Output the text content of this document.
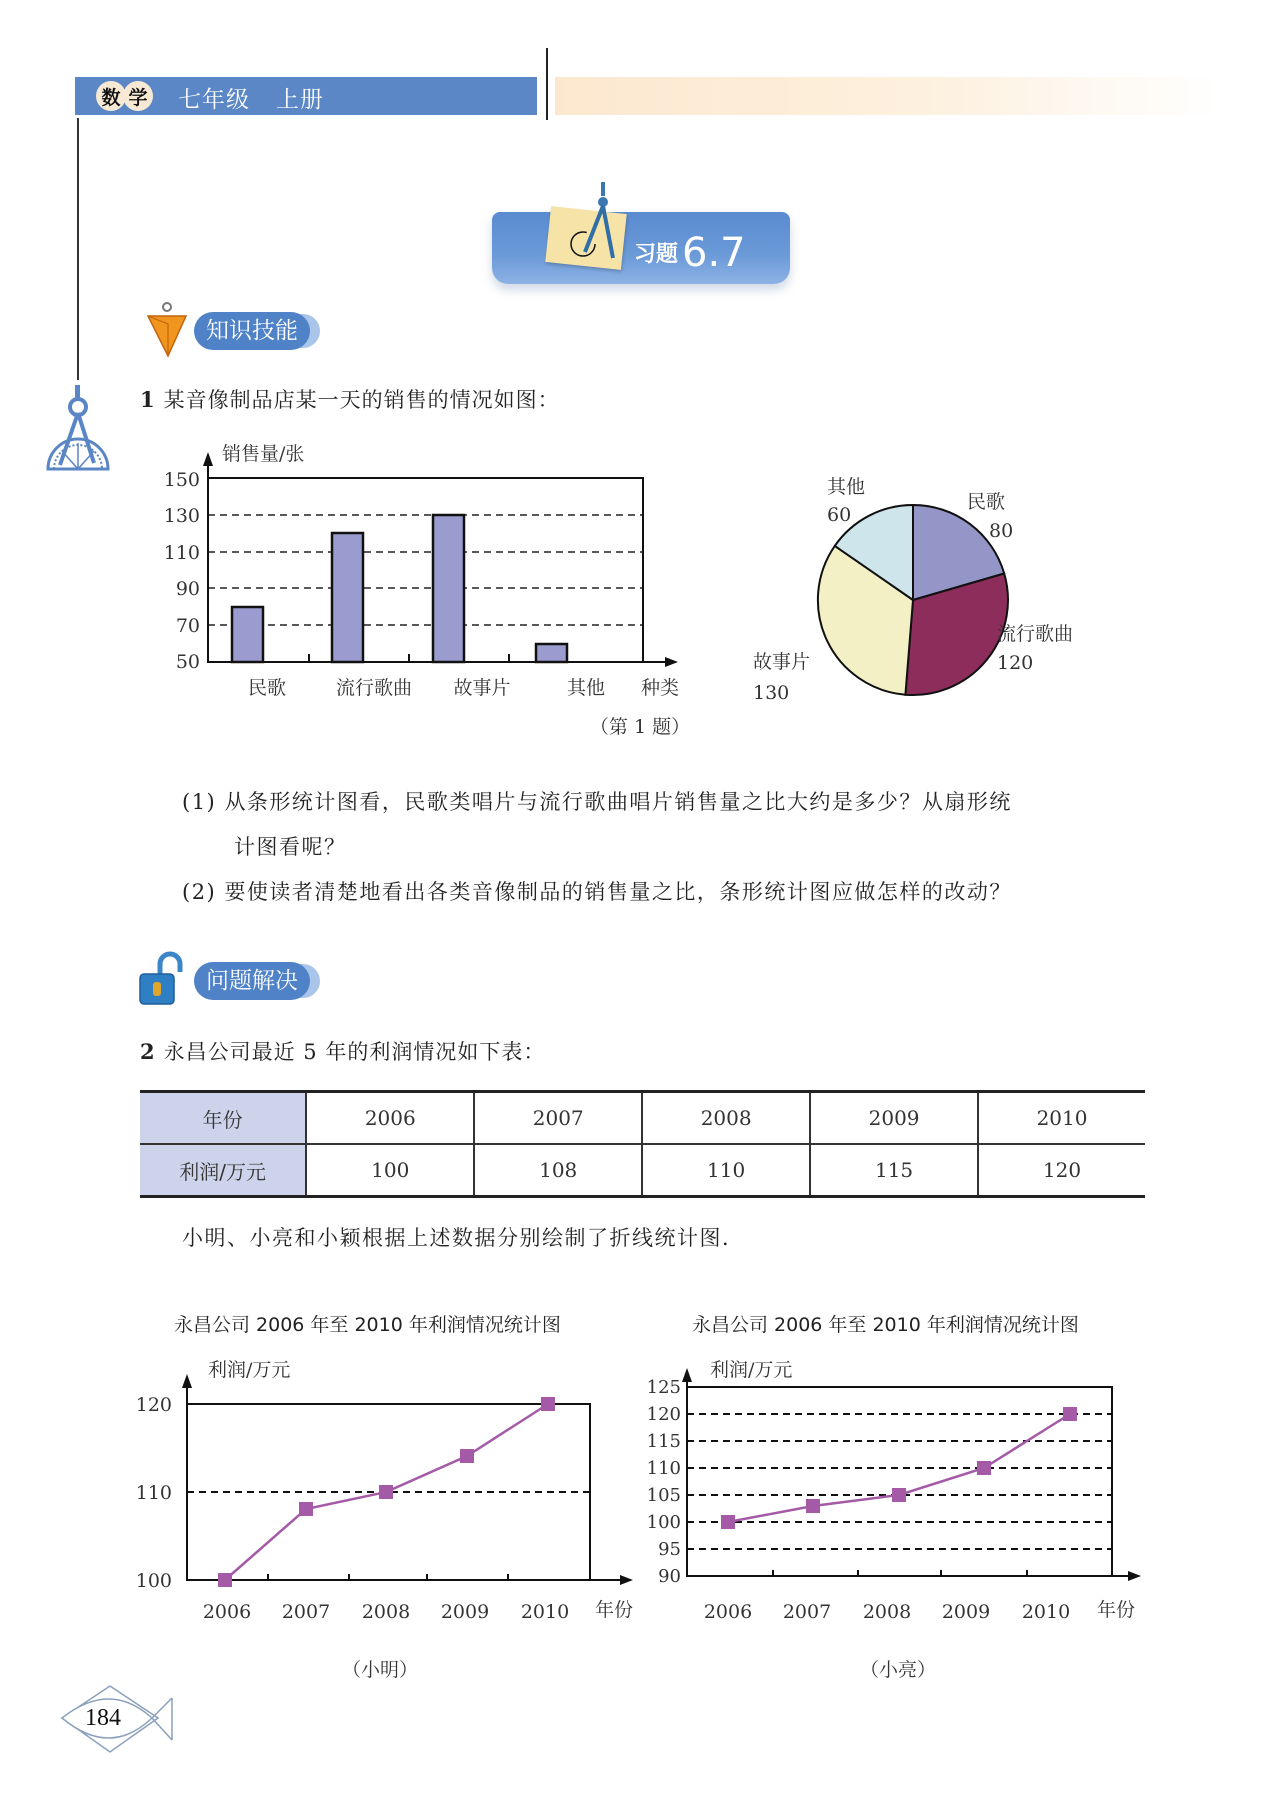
数 学 七年级 上册
习题 6.7
知识技能
1 某音像制品店某一天的销售的情况如图：
50
70
90
110
130
150
销售量/张
民歌	流行歌曲 故事片	其他 种类
（第 1 题）
其他
60
民歌
80
流行歌曲
120
故事片
130
(1) 从条形统计图看，民歌类唱片与流行歌曲唱片销售量之比大约是多少？从扇形统
计图看呢？
(2) 要使读者清楚地看出各类音像制品的销售量之比，条形统计图应做怎样的改动？
问题解决
2 永昌公司最近 5 年的利润情况如下表：
年份	2006	2007	2008	2009	2010
利润/万元	100	108	110	115	120
小明、小亮和小颖根据上述数据分别绘制了折线统计图．
永昌公司 2006 年至 2010 年利润情况统计图
100
110
120
利润/万元
2006 2007 2008 2009 2010 年份
（小明）
永昌公司 2006 年至 2010 年利润情况统计图
90
95
100
105
110
115
120
125
利润/万元
2006 2007 2008 2009 2010 年份
（小亮）
184
